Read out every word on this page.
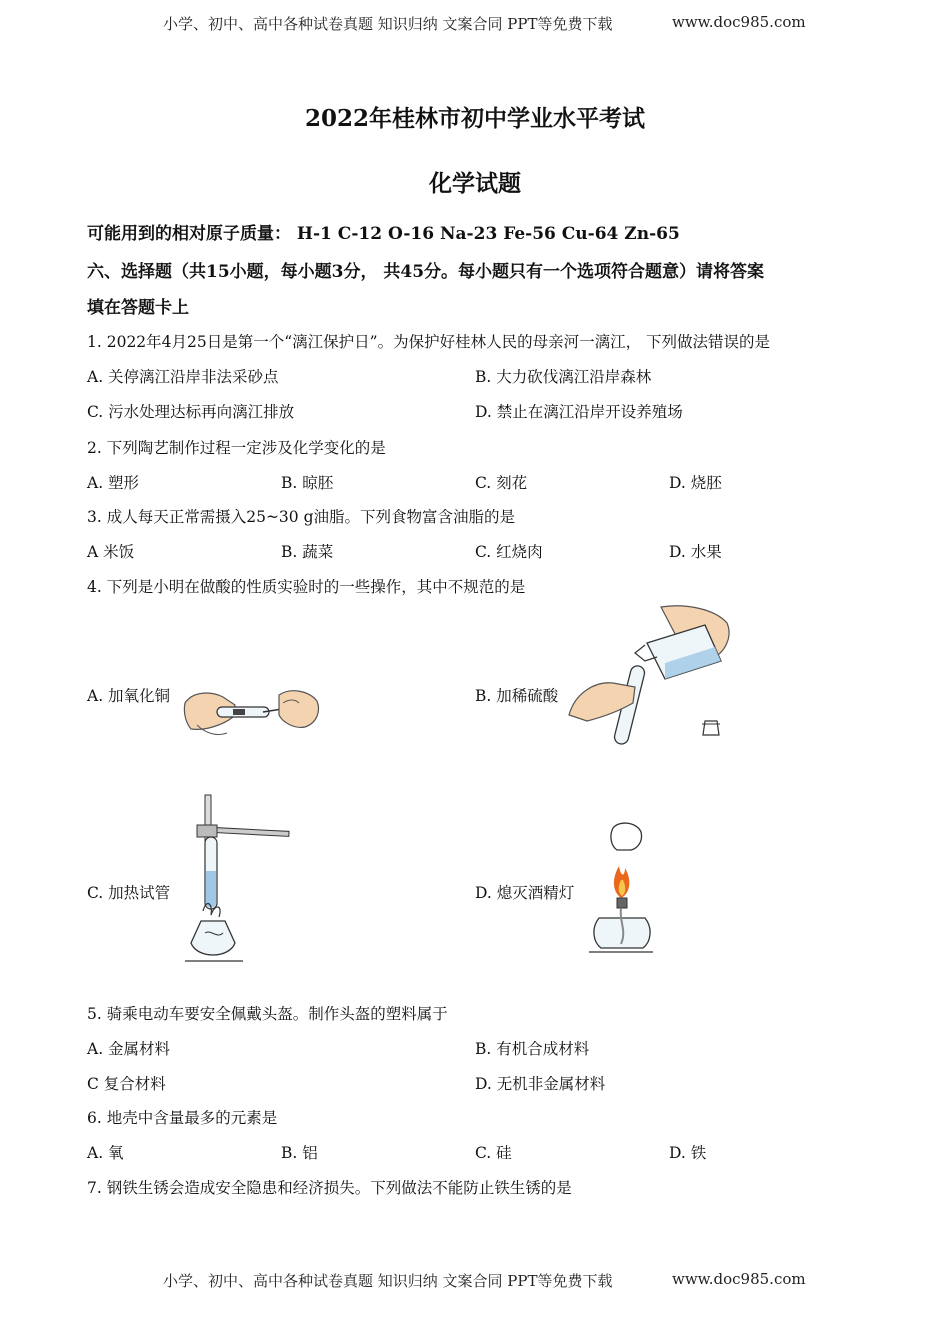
小学、初中、高中各种试卷真题 知识归纳 文案合同 PPT等免费下载	www.doc985.com
2022年桂林市初中学业水平考试
化学试题
可能用到的相对原子质量： H-1 C-12 O-16 Na-23 Fe-56 Cu-64 Zn-65
六、选择题（共15小题，每小题3分， 共45分。每小题只有一个选项符合题意）请将答案
填在答题卡上
1. 2022年4月25日是第一个“漓江保护日”。为保护好桂林人民的母亲河一漓江， 下列做法错误的是
A. 关停漓江沿岸非法采砂点	B. 大力砍伐漓江沿岸森林
C. 污水处理达标再向漓江排放	D. 禁止在漓江沿岸开设养殖场
2. 下列陶艺制作过程一定涉及化学变化的是
A. 塑形	B. 晾胚	C. 刻花	D. 烧胚
3. 成人每天正常需摄入25~30 g油脂。下列食物富含油脂的是
A 米饭	B. 蔬菜	C. 红烧肉	D. 水果
4. 下列是小明在做酸的性质实验时的一些操作，其中不规范的是
A. 加氧化铜	B. 加稀硫酸
C. 加热试管	D. 熄灭酒精灯
5. 骑乘电动车要安全佩戴头盔。制作头盔的塑料属于
A. 金属材料	B. 有机合成材料
C 复合材料	D. 无机非金属材料
6. 地壳中含量最多的元素是
A. 氧	B. 铝	C. 硅	D. 铁
7. 钢铁生锈会造成安全隐患和经济损失。下列做法不能防止铁生锈的是
小学、初中、高中各种试卷真题 知识归纳 文案合同 PPT等免费下载	www.doc985.com
